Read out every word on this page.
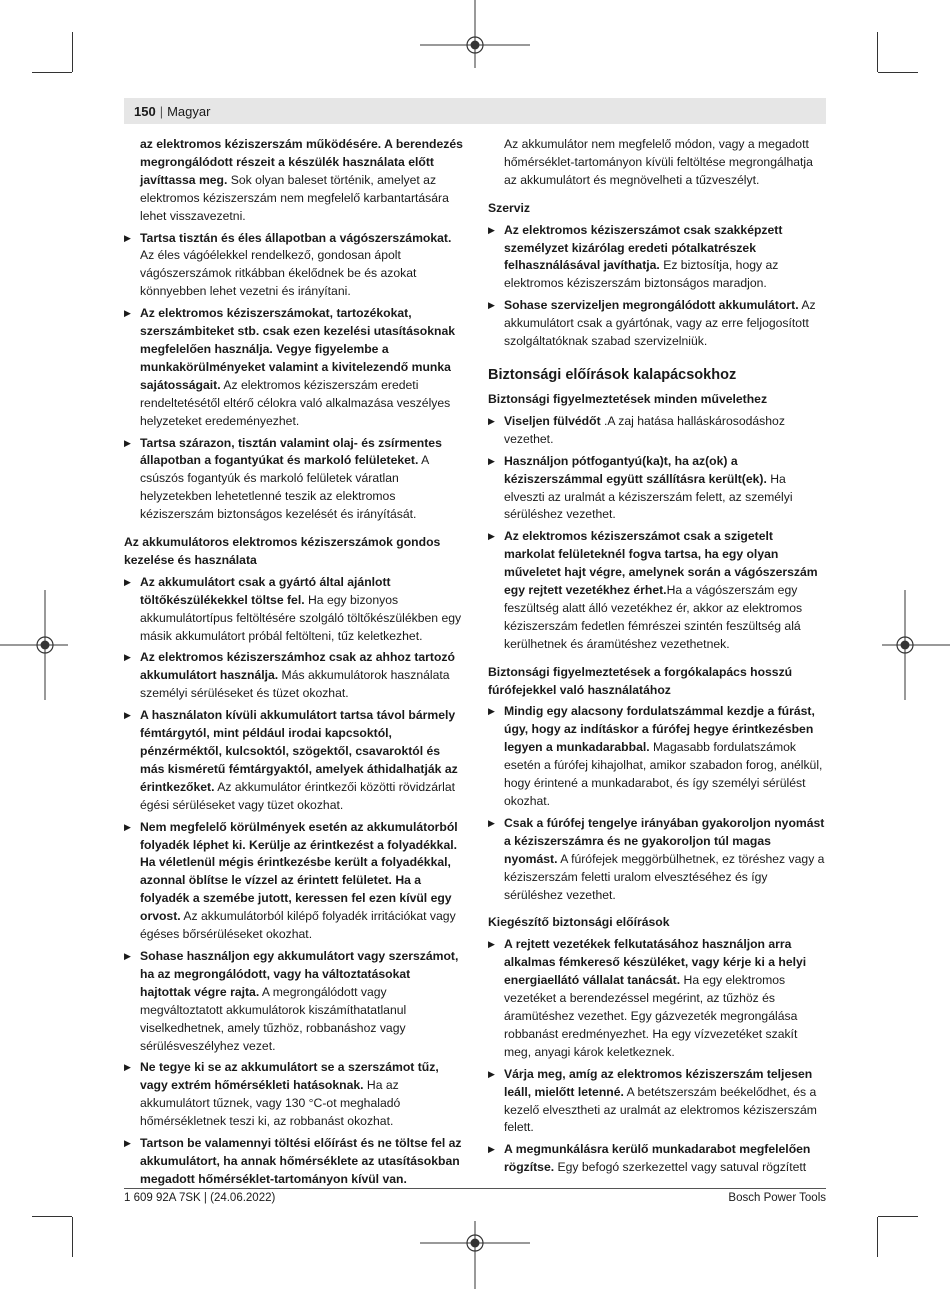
150 | Magyar

az elektromos kéziszerszám működésére. A berendezés megrongálódott részeit a készülék használata előtt javíttassa meg. Sok olyan baleset történik, amelyet az elektromos kéziszerszám nem megfelelő karbantartására lehet visszavezetni.

▶ Tartsa tisztán és éles állapotban a vágószerszámokat. Az éles vágóélekkel rendelkező, gondosan ápolt vágószerszámok ritkábban ékelődnek be és azokat könnyebben lehet vezetni és irányítani.
▶ Az elektromos kéziszerszámokat, tartozékokat, szerszámbiteket stb. csak ezen kezelési utasításoknak megfelelően használja. Vegye figyelembe a munkakörülményeket valamint a kivitelezendő munka sajátosságait. Az elektromos kéziszerszám eredeti rendeltetésétől eltérő célokra való alkalmazása veszélyes helyzeteket eredeményezhet.
▶ Tartsa szárazon, tisztán valamint olaj- és zsírmentes állapotban a fogantyúkat és markoló felületeket. A csúszós fogantyúk és markoló felületek váratlan helyzetekben lehetetlenné teszik az elektromos kéziszerszám biztonságos kezelését és irányítását.

Az akkumulátoros elektromos kéziszerszámok gondos kezelése és használata

▶ Az akkumulátort csak a gyártó által ajánlott töltőkészülékekkel töltse fel. Ha egy bizonyos akkumulátortípus feltöltésére szolgáló töltőkészülékben egy másik akkumulátort próbál feltölteni, tűz keletkezhet.
▶ Az elektromos kéziszerszámhoz csak az ahhoz tartozó akkumulátort használja. Más akkumulátorok használata személyi sérüléseket és tüzet okozhat.
▶ A használaton kívüli akkumulátort tartsa távol bármely fémtárgytól, mint például irodai kapcsoktól, pénzérméktől, kulcsoktól, szögektől, csavaroktól és más kisméretű fémtárgyaktól, amelyek áthidalhatják az érintkezőket. Az akkumulátor érintkezői közötti rövidzárlat égési sérüléseket vagy tüzet okozhat.
▶ Nem megfelelő körülmények esetén az akkumulátorból folyadék léphet ki. Kerülje az érintkezést a folyadékkal. Ha véletlenül mégis érintkezésbe került a folyadékkal, azonnal öblítse le vízzel az érintett felületet. Ha a folyadék a szemébe jutott, keressen fel ezen kívül egy orvost. Az akkumulátorból kilépő folyadék irritációkat vagy égéses bőrsérüléseket okozhat.
▶ Sohase használjon egy akkumulátort vagy szerszámot, ha az megrongálódott, vagy ha változtatásokat hajtottak végre rajta. A megrongálódott vagy megváltoztatott akkumulátorok kiszámíthatatlanul viselkedhetnek, amely tűzhöz, robbanáshoz vagy sérülésveszélyhez vezet.
▶ Ne tegye ki se az akkumulátort se a szerszámot tűz, vagy extrém hőmérsékleti hatásoknak. Ha az akkumulátort tűznek, vagy 130 °C-ot meghaladó hőmérsékletnek teszi ki, az robbanást okozhat.
▶ Tartson be valamennyi töltési előírást és ne töltse fel az akkumulátort, ha annak hőmérséklete az utasításokban megadott hőmérséklet-tartományon kívül van.

Az akkumulátor nem megfelelő módon, vagy a megadott hőmérséklet-tartományon kívüli feltöltése megrongálhatja az akkumulátort és megnövelheti a tűzveszélyt.

Szerviz

▶ Az elektromos kéziszerszámot csak szakképzett személyzet kizárólag eredeti pótalkatrészek felhasználásával javíthatja. Ez biztosítja, hogy az elektromos kéziszerszám biztonságos maradjon.
▶ Sohase szervizeljen megrongálódott akkumulátort. Az akkumulátort csak a gyártónak, vagy az erre feljogosított szolgáltatóknak szabad szervizelniük.

Biztonsági előírások kalapácsokhoz

Biztonsági figyelmeztetések minden művelethez

▶ Viseljen fülvédőt .A zaj hatása halláskárosodáshoz vezethet.
▶ Használjon pótfogantyú(ka)t, ha az(ok) a kéziszerszámmal együtt szállításra került(ek). Ha elveszti az uralmát a kéziszerszám felett, az személyi sérüléshez vezethet.
▶ Az elektromos kéziszerszámot csak a szigetelt markolat felületeknél fogva tartsa, ha egy olyan műveletet hajt végre, amelynek során a vágószerszám egy rejtett vezetékhez érhet.Ha a vágószerszám egy feszültség alatt álló vezetékhez ér, akkor az elektromos kéziszerszám fedetlen fémrészei szintén feszültség alá kerülhetnek és áramütéshez vezethetnek.

Biztonsági figyelmeztetések a forgókalapács hosszú fúrófejekkel való használatához

▶ Mindig egy alacsony fordulatszámmal kezdje a fúrást, úgy, hogy az indításkor a fúrófej hegye érintkezésben legyen a munkadarabbal. Magasabb fordulatszámok esetén a fúrófej kihajolhat, amikor szabadon forog, anélkül, hogy érintené a munkadarabot, és így személyi sérülést okozhat.
▶ Csak a fúrófej tengelye irányában gyakoroljon nyomást a kéziszerszámra és ne gyakoroljon túl magas nyomást. A fúrófejek meggörbülhetnek, ez töréshez vagy a kéziszerszám feletti uralom elvesztéséhez és így sérüléshez vezethet.

Kiegészítő biztonsági előírások

▶ A rejtett vezetékek felkutatásához használjon arra alkalmas fémkereső készüléket, vagy kérje ki a helyi energiaellátó vállalat tanácsát. Ha egy elektromos vezetéket a berendezéssel megérint, az tűzhöz és áramütéshez vezethet. Egy gázvezeték megrongálása robbanást eredményezhet. Ha egy vízvezetéket szakít meg, anyagi károk keletkeznek.
▶ Várja meg, amíg az elektromos kéziszerszám teljesen leáll, mielőtt letenné. A betétszerszám beékelődhet, és a kezelő elvesztheti az uralmát az elektromos kéziszerszám felett.
▶ A megmunkálásra kerülő munkadarabot megfelelően rögzítse. Egy befogó szerkezettel vagy satuval rögzített
1 609 92A 7SK | (24.06.2022)	Bosch Power Tools
